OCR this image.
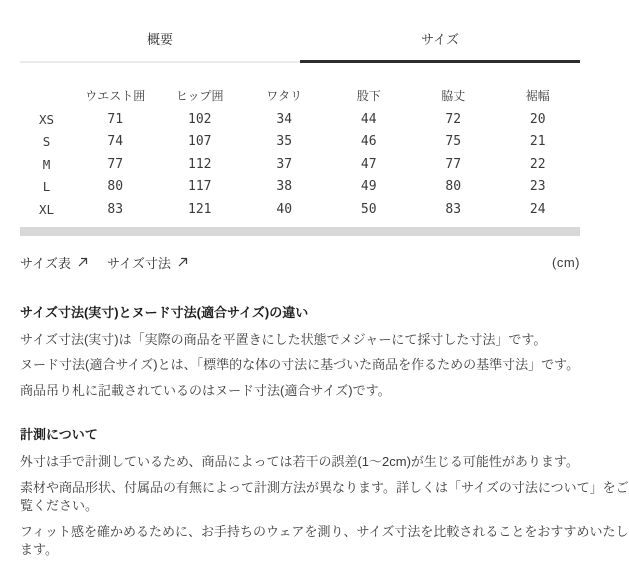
概要	サイズ
	ウエスト囲	ヒップ囲	ワタリ	股下	脇丈	裾幅
XS	71	102	34	44	72	20
S	74	107	35	46	75	21
M	77	112	37	47	77	22
L	80	117	38	49	80	23
XL	83	121	40	50	83	24
サイズ表	サイズ寸法	(cm)
サイズ寸法(実寸)とヌード寸法(適合サイズ)の違い
サイズ寸法(実寸)は「実際の商品を平置きにした状態でメジャーにて採寸した寸法」です。
ヌード寸法(適合サイズ)とは、「標準的な体の寸法に基づいた商品を作るための基準寸法」です。
商品吊り札に記載されているのはヌード寸法(適合サイズ)です。
計測について
外寸は手で計測しているため、商品によっては若干の誤差(1〜2cm)が生じる可能性があります。
素材や商品形状、付属品の有無によって計測方法が異なります。詳しくは「サイズの寸法について」をご
覧ください。
フィット感を確かめるために、お手持ちのウェアを測り、サイズ寸法を比較されることをおすすめいたし
ます。
